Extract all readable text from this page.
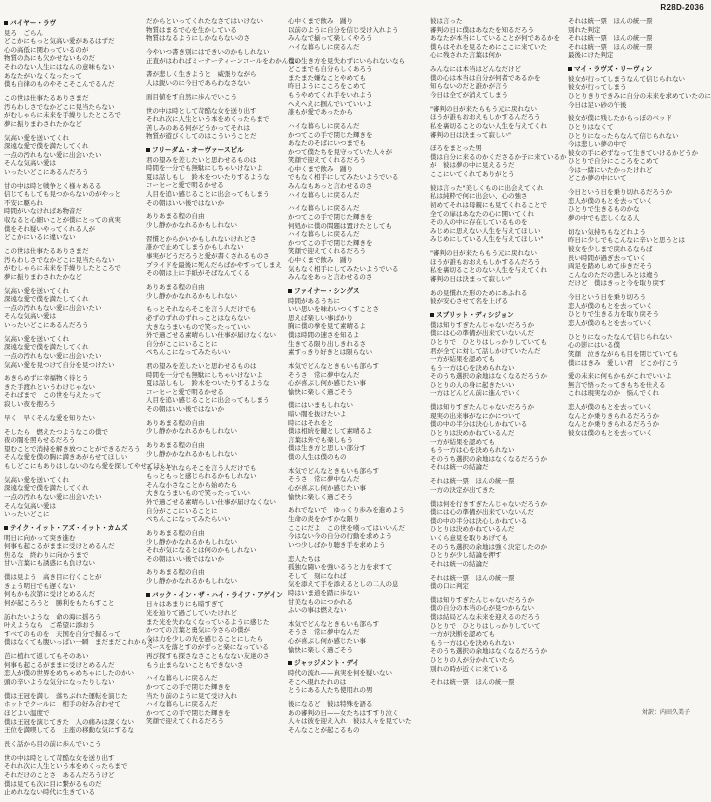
R28D-2036
バイヤー・ラヴ
見ろ　ごらん
どこかにもっと気高い愛があるはずだ
心の高低に関わっているのが
物質の為にも欠かせないものだ
それのない人生にはなんの意味もない
あなたがいなくなったって
僕も自律のものやそこそこんでるんだ
この世は仕事たるありさまだ
汚らわしさでなかどこに見当たらない
がむしゃらに未来を手繰りしたところで
夢に振りまわされたかなど
気高い愛を送いてくれ
深遠な愛で僕を満たしてくれ
一点の汚れもない愛に出会いたい
そんな気高い愛は
いったいどこにあるんだろう
甘の中は時と戦争とく様々あるる
信じてもしても見つからないのがやっと
不安に駆られ
時間がいなければあ物音だ
収なると心細いことが僕にとっての真実
僕をそれ疑いやってくれる人が
どこかにいるに違いない
この世は仕事たるありさまだ
汚らわしさでなかどこに見当たらない
がむしゃらに未来を手繰りしたところで
夢に振りまわされたかなど
気高い愛を送いてくれ
深遠な愛で僕を満たしてくれ
一点の汚れもない愛に出会いたい
そんな気高い愛は
いったいどこにあるんだろう
気高い愛を送いてくれ
深遠な愛で僕を満たしてくれ
一点の汚れもない愛に出会いたい
気高い愛を見つけて自分を見つけたい
あきらめずに幸福物く待とう
きた手渡れというわけじゃない
そればまで　この世を与えたって
寂しい夜を抱ろう
早く　早くそんな愛を知りたい
そしたら　燃えたつようなこの僕で
夜の闇を照らせるだろう
望むことで消持を解き放つことができるだろう
そんな愛を僕の胸に満きあがらせてほしい
もしどこにもありはしないのなら愛を探してやせてほしい
気高い愛を送いてくれ
深遠な愛で僕を満たしてくれ
一点の汚れもない愛に出会いたい
そんな気高い愛は
いったいどこに
テイク・イット・アズ・イット・カムズ
明日に向かって突き進む
何事も起こるがままに受けとめるんだ
焦るな　終わりに向かうまで
甘い言葉にも誘惑にも負けない
僕は見よう　高き目に行くことが
きょう明日でも遅くない
何もかも次第に受けとめるんだ
何が起ころうと　勝利をもたらすこと
訪れたいような　命の海に揺ろう
叶えようなら　ご希望に添おう
すべてのものを　天国を自分で掘るって
僕はなくても腹いっぱい一瞬　まだまだこれからさ
芭に植れて返してもそのあい
何事も起こるがままに受けとめるんだ
恋人が僕の世界をめちゃめちゃにしたのかい
頭の辛いような気分になったりしない
僕は王冠を満し　落ちぶれた運転を演じた
ホットでクールに　相手の好み合わせて
ほどよい温度で
僕は王冠を演じてきた　人の痛みは深くない
王位を満喫してる　主座の移動な気にするな
長く話から目の前に歩んでいこう
世の中は時として苛酷な女を送り出す
それれ次に人生という本をめくったらまで
それだけのことさ　あるんだろうけど
僕は見ても次に目に繋がるものだ
止めれなない時代に生きている
だからといってくれたなさてはいけない
物質はまるで心を生かしている
物質はなるようにしかならないのさ
今やいつ書き別にはできいのかもしれない
正直がはわればミーナーティーンコールをわかんない
書が悲しく生きようと　威張りながら
人は鋭いのに今日であらわなさない
面目値をす自然に歩んでいこう
世の中は時として苛酷な女を送り出す
それれ次に人生という本をめくったらまで
苦しみのある何がどうかってそれは
物質が遊びくしてのはこういうことだ
フリーダム・オーヴァースピル
君の望みを差したいと思わせるものは
時間を一分でも無駄にしちゃいけないよ
夏は話しもし　鈴木をついたりするような
コーヒーと愛で明るかせる
人目を追い感じることに出会ってもしまう
その朝はいい後ではないか
ありあまる程の自由
少し静かかなれるかもしれない
習慣とからかいかもしれないけれどさ
誰かで止めてしまうかもしれない
事実がどうだろうと愛が書くされるものさ
プライドを最後に死んだらばかやすってしまえ
その朝は上に手紙がそばなんてくる
ありあまる程の自由
少し静かかなれるかもしれない
もっとそれならそこを言う人だけでも
必ずのずれのずれっことはならない
大きなうまいもので笑ったっていい
外で過ごせる素晴らしい仕事が届けなくない
自分がここにいることに
ぺちんこになってみたらいい
君の望みを差したいと思わせるものは
時間を一分でも無駄にしちゃいけないよ
夏は話しもし　鈴木をついたりするような
コーヒーと愛で明るかせる
人目を追い感じることに出会ってもしまう
その朝はいい後ではないか
ありあまる程の自由
少し静かかなれるかもしれない
ありあまる程の自由
少し静かかなれるかもしれない
もっとそれならそこを言う人だけでも
もっともっと感じられるかもしれない
そんな小さなことから始めたら
大きなうまいもので笑ったっていい
外で過ごせる素晴らしい仕事が届けなくない
自分がここにいることに
ぺちんこになってみたらいい
ありあまる程の自由
少し静かかなれるかもしれない
それが気になるとは何のかもしれない
その朝はいい後ではないか
ありあまる程の自由
少し静かかなれるかもしれない
バック・イン・ザ・ハイ・ライフ・アゲイン
日々はあまりにも暗すぎて
光を辿りて過ごしていたけれど
また光を失わなくなっているように感じた
かつての言葉と勇気に今さらの僕が
今は力を少しの光を感じることにしたら
ベースを落とすのがずっと楽になっている
再び探すも探さなさこともなない友達のさ
もう止まらないこともできないさ
ハイな暮らしに戻るんだ
かつてこの手で閉じた輝きを
当たり前のように見て受け入れ
ハイな暮らしに戻るんだ
かつてこの手で閉じた輝きを
笑顔で迎えてくれるだろう
心中くまで飲み　踊り
以前のように自分を信じ受け入れよう
みんなで揃って楽しくやろう
ハイな暮らしに戻るんだ
僕の生き方を見失わずにいられないなら
どこまでも自分らしくあろう
またまた嫌なことやめても
昨日ようにこころをこめて
もうやめてくれ手をいれよう
へえへえに掴んでいていいよ
誰もが愛であったから
ハイな暮らしに戻るんだ
かつてこの手で閉じた輝きを
あなたのそばにいつまでも
かつて僕たちを見守っていた人々が
笑顔で迎えてくれるだろう
心中くまで飲み　踊り
でもなく相手にしてみたいようでいる
みんなもあっと言わせるのさ
ハイな暮らしに戻るんだ
ハイな暮らしに戻るんだ
かつてこの手で閉じた輝きを
何処かに僕の問題は置けたとしても
ハイな暮らしに戻るんだ
かつてこの手で閉じた輝きを
笑顔で迎えてくれるだろう
心中くまで飲み　踊り
気もなく相手にしてみたいようでいる
みんなをあっと言わせるのさ
ファイナー・シングス
時間があるうちに
いい思いを味わいつくすことさ
思えば楽しい事ばかり
胸に僕の拳を見て素晴るよ
僕は時間の速さを知るよ
生きてる限り出しきれるさ
素すっきり好きとは限らない
本気でどんなときもいも部らす
そうさ　常に夢中なんだ
心が喜ぶし何か感じたい事
愉快に楽しく過ごそう
僕にはいまもしれない
暗い闇を抜けたいよ
時にはそれをと
僕は相続を鍵として素晴るよ
言葉は外でも楽しもう
僕は生き方と思しい部分す
僕の人生は僕のもの
本気でどんなときもいも部らす
そうさ　常に夢中なんだ
心が喜ぶし何か感じたい事
愉快に楽しく過ごそう
あれでないで　ゆっくり歩みを進めよう
生命の炎をかすかな限り
ここにだよ　この世を嘆ってはいいんだ
今はない今の自分の行動を求めよう
いつ少しばかり聴き手を求めよう
恋人たちは
孤独な闘いを強いるうと力を求すて
そして　刻になれば
気を添えて手を添えるとしの二人の息
時はいま道を踏に歩ない
甘美なものにつかれる
ふいの事は燃えない
本気でどんなときもいも部らす
そうさ　常に夢中なんだ
心が喜ぶし何か感じたい事
愉快に楽しく過ごそう
ジャッジメント・デイ
時代の流れ——真実を何を疑いない
そこへ現れたれのは
とうにある人たち使用れの男
後になるど　彼は特殊を語る
あの審判の日——女たちはすすり泣く
人々は彼を迎え入れ　彼は人々を見ていた
そんなことが起こるもの
彼は言った
審判の日に僕はあなたを知るだろう
あなたが本当にしていることが何であるかを
僕らはそれを見るためにここに来ていた
心に残された言葉は何か
みんなには本当はどんなだけど
僕の心は本当は自分が何者であるかを
知らないのだと誰かが言う
今日は全てが消えてしまう
"審判の日が来たらもう元に戻れない
ほうが誰もおおえもしかするんだろう
私を裏切ることのない人生を与えてくれ
審判の日は決まって寂しい"
ぼろをまとった男
僕は自分に来るのかくださるか子に来ているか
が　彼は夢の中に見えるうだ
ここにいてくれてありがとう
彼は言った"美しくものに出会えてくれ
私は純粋で何に出会い、心の強さ
初めてそれは母親にも見てくれることで
全ての扉はあなたの心に開いてくれ
その人の中に存在しているものを
みじめに思えない人生を与えてほしい
みじめにしている人生を与えてほしい"
"審判の日が来たらもう元に戻れない
ほうが誰もおおえもしかするんだろう
私を裏切ることのない人生を与えてくれ
審判の日は決まって寂しい"
あの見慣れた形のためにあふれる
彼が安心させて名を上げる
スプリット・ディシジョン
僕は知りすぎたんじゃないだろうか
僕には心の準備が出来ていないんだ
ひとりで　ひとりはしっかりしていても
君が全てに対して話しかけていたんだ
一方が結果を認めても
もう一方は心を決められない
そのうち選択の余地はなくなるだろうか
ひとりの人の身に起きたいい
一方はどんどん前に進んでいく
僕は知りすぎたんじゃないだろうか
現実の出来事がなにかについて
僕の中の半分は決心しかねている
ひとりは決めかねているんだ
一方が結果を認めても
もう一方は心を決められない
そのうち選択の余地はなくなるだろうか
それは統一の結論だ
それは統一票　ほんの統一票
一方の決定が出てきた
僕は何を行きすぎたんじゃないだろうか
僕には心の準備が出来ていないんだ
僕の中の半分は決心しかねている
ひとりは決めかねているんだ
いくら意見を取りあげても
そのうち選択の余地は強く決定したのか
ひとりが少し結論を押す
それは統一の結論だ
それは統一票　ほんの統一票
僕の口に判定
僕は知りすぎたんじゃないだろうか
僕の自分の本当の心が見つからない
僕は結局どんな未来を迎えるのだろう
ひとりで　ひとりはしっかりしていて
一方が決断を認めても
もう一方は心を決められない
そのうち選択の余地はなくなるだろうか
ひとりの人が分かれていたら
別れの時が近くに来ている
それは統一票　ほんの統一票
それは統一票　ほんの統一票
別れた判定
それは統一票　ほんの統一票
それは統一票　ほんの統一票
最後にけた判定
マイ・ラヴズ・リーヴィン
彼女が行ってしまうなんて信じられない
彼女が行ってしまう
ひとりきりできみに自分の未来を求めていたのに
今日は足い砂の午後
彼女が僕に残したからっぽのベッド
ひとりはなくて
ひとりになったらなんて信じられない
今は悲しい夢の中で
彼女の手に必ずなって生きていけるかどうか
ひとりで自分にこころをこめて
今は一緒にいたかったけれど
どこか夢の中にいて
今日という日を乗り切れるだろうか
恋人が僕のもとを去っていく
ひとりで生きるものかな
夢の中でも恋しくなる人
切ない気持ちもなどれよう
昨日に少しでもこんなに辛いと思うとは
彼女を少しまで戻れるならば
長い時間が過ぎ去っていく
両足を踏めしめて歩きだそう
こんなのただの悲しみとは違う
だけど　僕はきっと今を取り戻す
今日という日を乗り切ろう
恋人が僕のもとを去っていく
ひとりで生きる力を取り戻そう
恋人が僕のもとを去っていく
ひとりになったなんて信じられない
心の影にはいる僕
笑顔　泣きながらも目を閉じていても
僕にはきみ　愛しい君　どこか行こう
愛の未来に何もかもがこれでいいよ
無言で悟ったってきもちを仕える
これは現実なのか　悩んでくれ
恋人が僕のもとを去っていく
なんとか乗りきられるだろうか
なんとか乗りきられるだろうか
彼女は僕のもとを去っていく
対訳：内田久美子
